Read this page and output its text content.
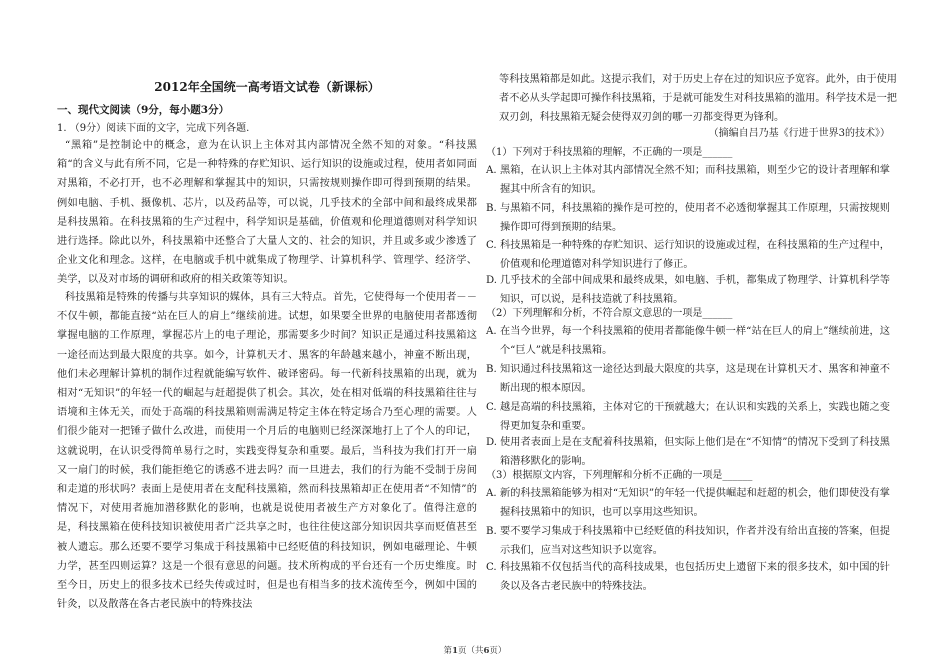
2012年全国统一高考语文试卷（新课标）
一、现代文阅读（9分，每小题3分）
1. （9分）阅读下面的文字，完成下列各题.
“黑箱”是控制论中的概念，意为在认识上主体对其内部情况全然不知的对象。“科技黑箱“的含义与此有所不同，它是一种特殊的存贮知识、运行知识的设施或过程，使用者如同面对黑箱，不必打开，也不必理解和掌握其中的知识，只需按规则操作即可得到预期的结果。例如电脑、手机、摄像机、芯片，以及药品等，可以说，几乎技术的全部中间和最终成果都是科技黑箱。在科技黑箱的生产过程中，科学知识是基础，价值观和伦理道德则对科学知识进行选择。除此以外，科技黑箱中还整合了大量人文的、社会的知识，并且或多或少渗透了企业文化和理念。这样，在电脑或手机中就集成了物理学、计算机科学、管理学、经济学、美学，以及对市场的调研和政府的相关政策等知识。
科技黑箱是特殊的传播与共享知识的媒体，具有三大特点。首先，它使得每一个使用者－－不仅牛顿，都能直接“站在巨人的肩上”继续前进。试想，如果要全世界的电脑使用者都透彻掌握电脑的工作原理，掌握芯片上的电子理论，那需要多少时间？知识正是通过科技黑箱这一途径而达到最大限度的共享。如今，计算机天才、黑客的年龄越来越小，神童不断出现，他们未必理解计算机的制作过程就能编写软件、破译密码。每一代新科技黑箱的出现，就为相对“无知识”的年轻一代的崛起与赶超提供了机会。其次，处在相对低端的科技黑箱往往与语境和主体无关，而处于高端的科技黑箱则需满足特定主体在特定场合乃至心理的需要。人们很少能对一把锤子做什么改进，而使用一个月后的电脑则已经深深地打上了个人的印记，这就说明，在认识受得简单易行之时，实践变得复杂和重要。最后，当科技为我们打开一扇又一扇门的时候，我们能拒绝它的诱惑不进去吗？而一旦进去，我们的行为能不受制于房间和走道的形状吗？表面上是使用者在支配科技黑箱，然而科技黑箱却正在使用者“不知情”的情况下，对使用者施加潜移默化的影响，也就是说使用者被生产方对象化了。值得注意的是，科技黑箱在使科技知识被使用者广泛共享之时，也往往使这部分知识因共享而贬值甚至被人遗忘。那么还要不要学习集成于科技黑箱中已经贬值的科技知识，例如电磁理论、牛顿力学，甚至四则运算？这是一个很有意思的问题。技术所构成的平台还有一个历史维度。时至今日，历史上的很多技术已经失传或过时，但是也有相当多的技术流传至今，例如中国的针灸，以及散落在各古老民族中的特殊技法
等科技黑箱都是如此。这提示我们，对于历史上存在过的知识应予宽容。此外，由于使用者不必从头学起即可操作科技黑箱，于是就可能发生对科技黑箱的滥用。科学技术是一把双刃剑，科技黑箱无疑会使得双刃剑的哪一刃都变得更为锋利。
（摘编自吕乃基《行进于世界3的技术》）
（1）下列对于科技黑箱的理解，不正确的一项是______
A. 黑箱，在认识上主体对其内部情况全然不知；而科技黑箱，则至少它的设计者理解和掌握其中所含有的知识。
B. 与黑箱不同，科技黑箱的操作是可控的，使用者不必透彻掌握其工作原理，只需按规则操作即可得到预期的结果。
C. 科技黑箱是一种特殊的存贮知识、运行知识的设施或过程，在科技黑箱的生产过程中，价值观和伦理道德对科学知识进行了修正。
D. 几乎技术的全部中间成果和最终成果，如电脑、手机，都集成了物理学、计算机科学等知识，可以说，是科技造就了科技黑箱。
（2）下列理解和分析，不符合原文意思的一项是______
A. 在当今世界，每一个科技黑箱的使用者都能像牛顿一样“站在巨人的肩上”继续前进，这个“巨人”就是科技黑箱。
B. 知识通过科技黑箱这一途径达到最大限度的共享，这是现在计算机天才、黑客和神童不断出现的根本原因。
C. 越是高端的科技黑箱，主体对它的干预就越大；在认识和实践的关系上，实践也随之变得更加复杂和重要。
D. 使用者表面上是在支配着科技黑箱，但实际上他们是在“不知情”的情况下受到了科技黑箱潜移默化的影响。
（3）根据原文内容，下列理解和分析不正确的一项是______
A. 新的科技黑箱能够为相对“无知识”的年轻一代提供崛起和赶超的机会，他们即使没有掌握科技黑箱中的知识，也可以享用这些知识。
B. 要不要学习集成于科技黑箱中已经贬值的科技知识，作者并没有给出直接的答案，但提示我们，应当对这些知识予以宽容。
C. 科技黑箱不仅包括当代的高科技成果，也包括历史上遗留下来的很多技术，如中国的针灸以及各古老民族中的特殊技法。
第1页（共6页）
